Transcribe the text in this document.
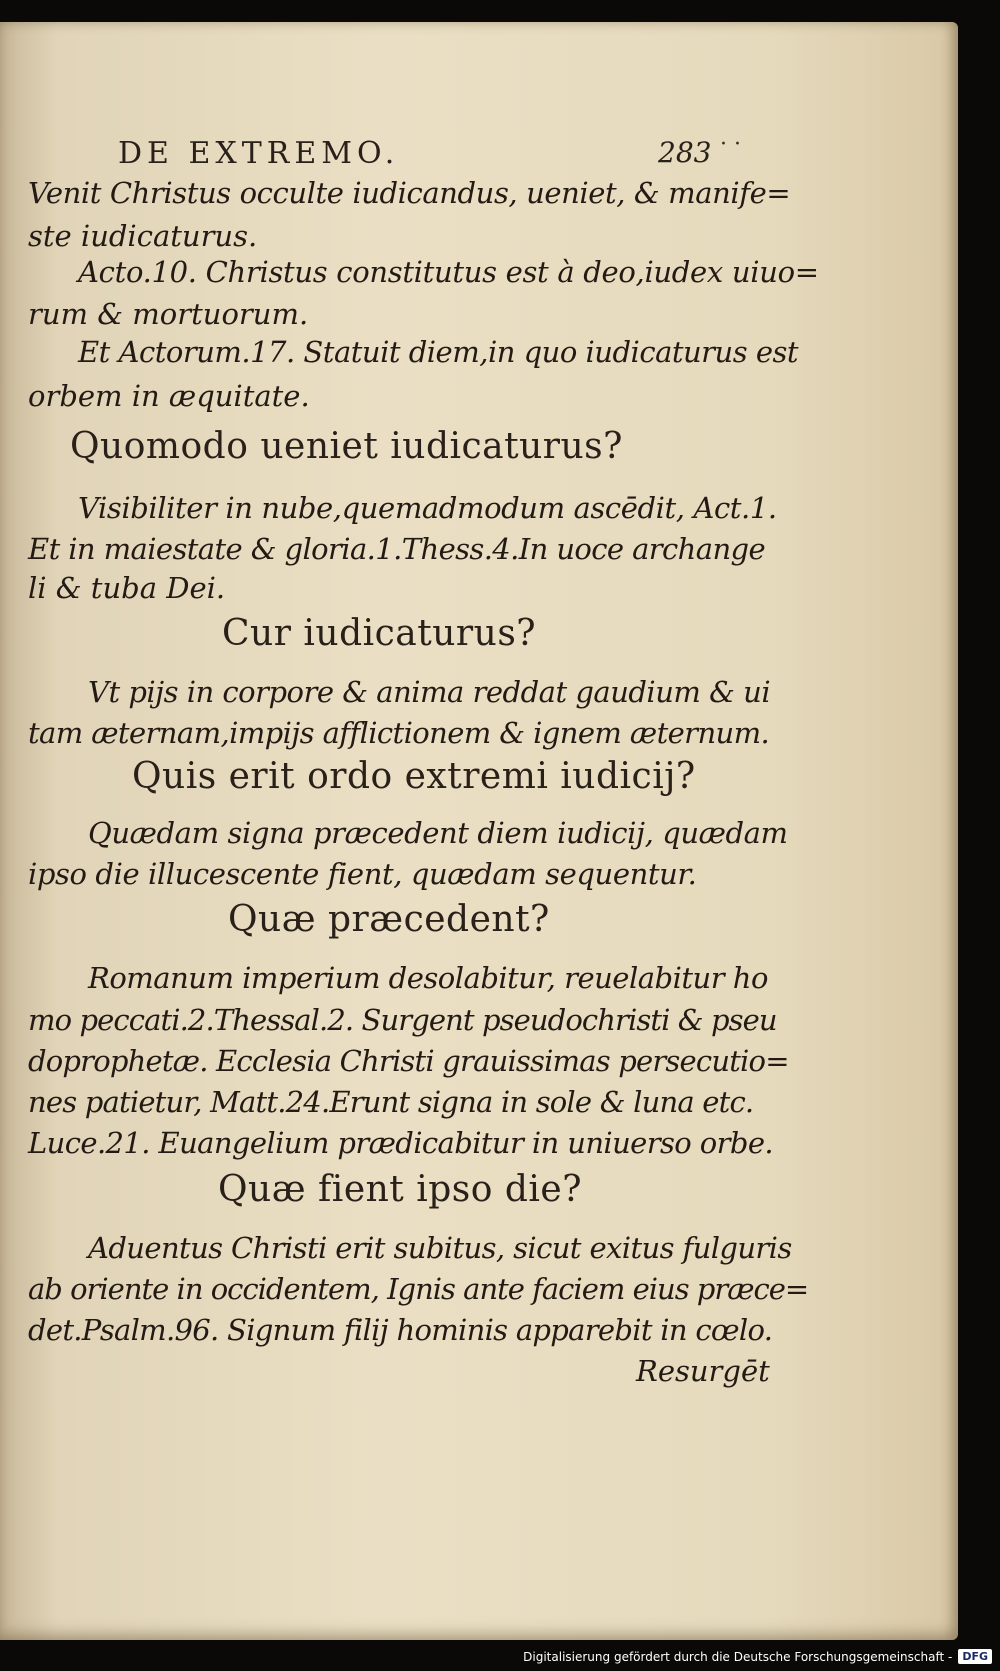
DE EXTREMO.	283 · ·
Venit Christus occulte iudicandus, ueniet, & manife=
ste iudicaturus.
Acto.10. Christus constitutus est à deo,iudex uiuo=
rum & mortuorum.
Et Actorum.17. Statuit diem,in quo iudicaturus est
orbem in æquitate.
Quomodo ueniet iudicaturus?
Visibiliter in nube,quemadmodum ascēdit, Act.1.
Et in maiestate & gloria.1.Thess.4.In uoce archange
li & tuba Dei.
Cur iudicaturus?
Vt pijs in corpore & anima reddat gaudium & ui
tam æternam,impijs afflictionem & ignem æternum.
Quis erit ordo extremi iudicij?
Quædam signa præcedent diem iudicij, quædam
ipso die illucescente fient, quædam sequentur.
Quæ præcedent?
Romanum imperium desolabitur, reuelabitur ho
mo peccati.2.Thessal.2. Surgent pseudochristi & pseu
doprophetæ. Ecclesia Christi grauissimas persecutio=
nes patietur, Matt.24.Erunt signa in sole & luna etc.
Luce.21. Euangelium prædicabitur in uniuerso orbe.
Quæ fient ipso die?
Aduentus Christi erit subitus, sicut exitus fulguris
ab oriente in occidentem, Ignis ante faciem eius præce=
det.Psalm.96. Signum filij hominis apparebit in cœlo.
Resurgēt
Digitalisierung gefördert durch die Deutsche Forschungsgemeinschaft - DFG
